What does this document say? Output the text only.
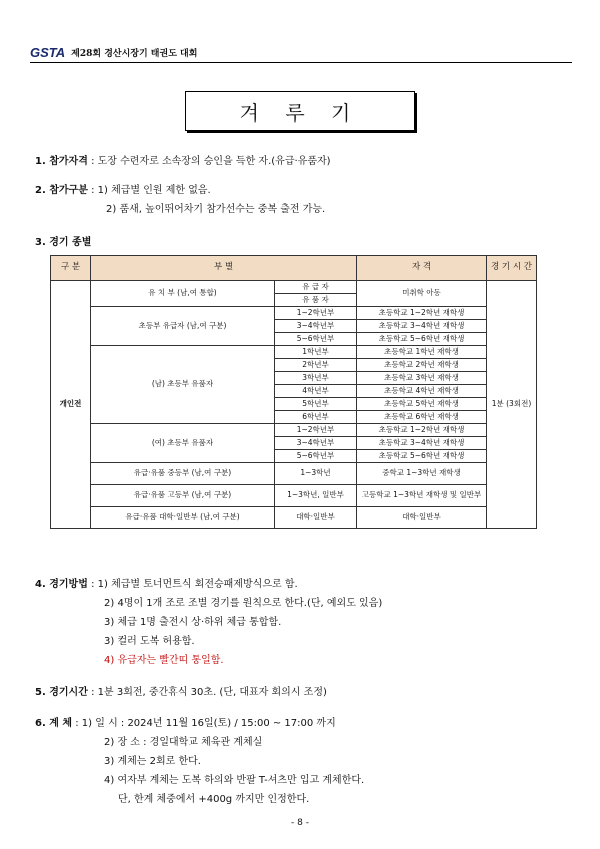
GSTA 제28회 경산시장기 태권도 대회
겨 루 기
1. 참가자격 : 도장 수련자로 소속장의 승인을 득한 자.(유급·유품자)
2. 참가구분 : 1) 체급별 인원 제한 없음.
2) 품새, 높이뛰어차기 참가선수는 중복 출전 가능.
3. 경기 종별
구 분	부 별		자 격	경 기 시 간
개인전	유 치 부 (남,여 통합)	유 급 자	미취학 아동	1분 (3회전)
		유 품 자		
	초등부 유급자 (남,여 구분)	1~2학년부	초등학교 1~2학년 재학생	
		3~4학년부	초등학교 3~4학년 재학생	
		5~6학년부	초등학교 5~6학년 재학생	
	(남) 초등부 유품자	1학년부	초등학교 1학년 재학생	
		2학년부	초등학교 2학년 재학생	
		3학년부	초등학교 3학년 재학생	
		4학년부	초등학교 4학년 재학생	
		5학년부	초등학교 5학년 재학생	
		6학년부	초등학교 6학년 재학생	
	(여) 초등부 유품자	1~2학년부	초등학교 1~2학년 재학생	
		3~4학년부	초등학교 3~4학년 재학생	
		5~6학년부	초등학교 5~6학년 재학생	
	유급·유품 중등부 (남,여 구분)	1~3학년	중학교 1~3학년 재학생	
	유급·유품 고등부 (남,여 구분)	1~3학년, 일반부	고등학교 1~3학년 재학생 및 일반부	
	유급·유품 대학·일반부 (남,여 구분)	대학·일반부	대학·일반부	
4. 경기방법 : 1) 체급별 토너먼트식 회전승패제방식으로 함.
2) 4명이 1개 조로 조별 경기를 원칙으로 한다.(단, 예외도 있음)
3) 체급 1명 출전시 상·하위 체급 통합함.
3) 컬러 도복 허용함.
4) 유급자는 빨간띠 통일함.
5. 경기시간 : 1분 3회전, 중간휴식 30초. (단, 대표자 회의시 조정)
6. 계 체 : 1) 일 시 : 2024년 11월 16일(토) / 15:00 ~ 17:00 까지
2) 장 소 : 경일대학교 체육관 계체실
3) 계체는 2회로 한다.
4) 여자부 계체는 도복 하의와 반팔 T-셔츠만 입고 계체한다.
단, 한계 체중에서 +400g 까지만 인정한다.
- 8 -
